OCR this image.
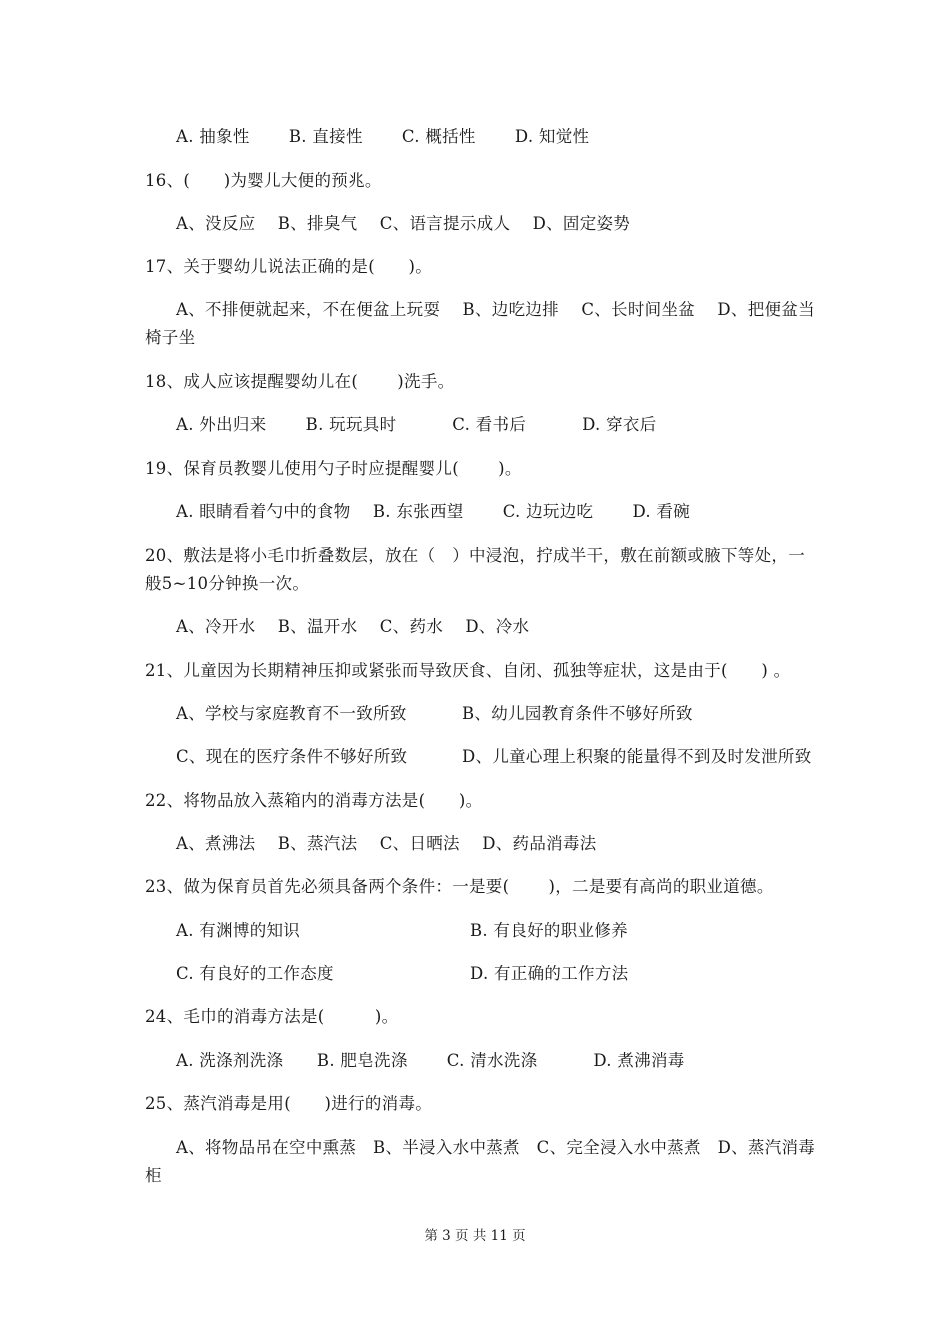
A. 抽象性　　 B. 直接性　　 C. 概括性　　 D. 知觉性
16、(　　)为婴儿大便的预兆。
A、没反应　 B、排臭气　 C、语言提示成人　 D、固定姿势
17、关于婴幼儿说法正确的是(　　)。
A、不排便就起来，不在便盆上玩耍　 B、边吃边排　 C、长时间坐盆　 D、把便盆当
椅子坐
18、成人应该提醒婴幼儿在(　　 )洗手。
A. 外出归来　　 B. 玩玩具时　　　 C. 看书后　　　 D. 穿衣后
19、保育员教婴儿使用勺子时应提醒婴儿(　　 )。
A. 眼睛看着勺中的食物　 B. 东张西望　　 C. 边玩边吃　　 D. 看碗
20、敷法是将小毛巾折叠数层，放在（　）中浸泡，拧成半干，敷在前额或腋下等处，一
般5~10分钟换一次。
A、冷开水　 B、温开水　 C、药水　 D、冷水
21、儿童因为长期精神压抑或紧张而导致厌食、自闭、孤独等症状，这是由于(　　) 。
A、学校与家庭教育不一致所致	B、幼儿园教育条件不够好所致
C、现在的医疗条件不够好所致	D、儿童心理上积聚的能量得不到及时发泄所致
22、将物品放入蒸箱内的消毒方法是(　　)。
A、煮沸法　 B、蒸汽法　 C、日晒法　 D、药品消毒法
23、做为保育员首先必须具备两个条件：一是要(　　 )，二是要有高尚的职业道德。
A. 有渊博的知识	B. 有良好的职业修养
C. 有良好的工作态度	D. 有正确的工作方法
24、毛巾的消毒方法是(　　　)。
A. 洗涤剂洗涤　　B. 肥皂洗涤　　 C. 清水洗涤　　　 D. 煮沸消毒
25、蒸汽消毒是用(　　)进行的消毒。
A、将物品吊在空中熏蒸　B、半浸入水中蒸煮　C、完全浸入水中蒸煮　D、蒸汽消毒
柜
第 3 页 共 11 页
